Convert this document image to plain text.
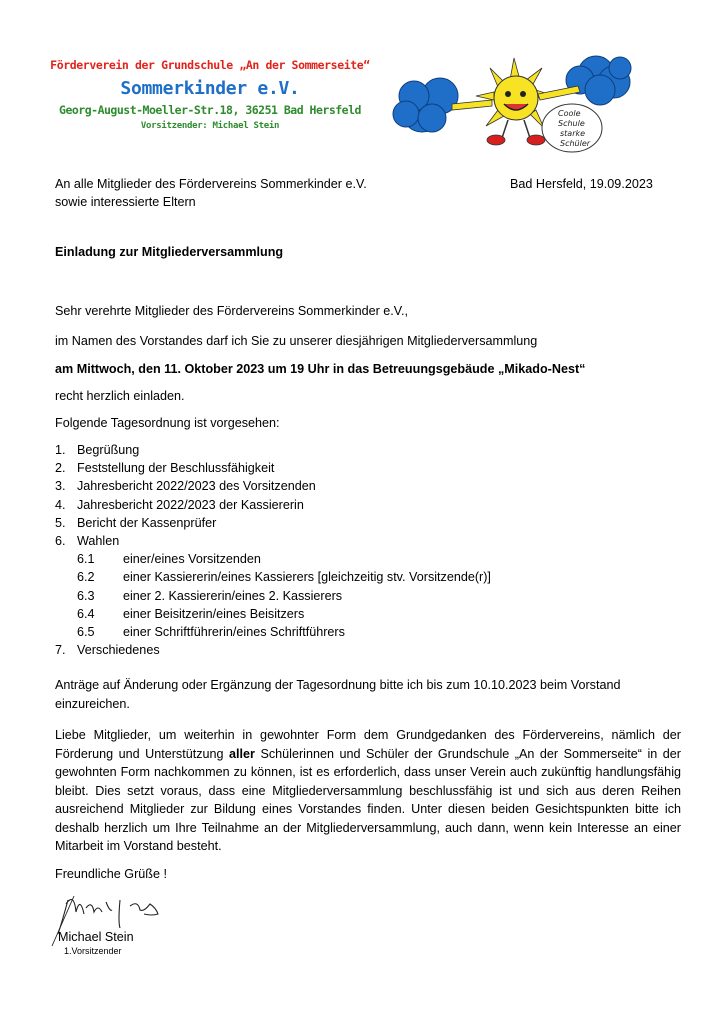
Förderverein der Grundschule „An der Sommerseite“
Sommerkinder e.V.
Georg-August-Moeller-Str.18, 36251 Bad Hersfeld
Vorsitzender: Michael Stein
Coole
Schule
starke
Schüler
An alle Mitglieder des Fördervereins Sommerkinder e.V.
sowie interessierte Eltern
Bad Hersfeld, 19.09.2023
Einladung zur Mitgliederversammlung
Sehr verehrte Mitglieder des Fördervereins Sommerkinder e.V.,
im Namen des Vorstandes darf ich Sie zu unserer diesjährigen Mitgliederversammlung
am Mittwoch, den 11. Oktober 2023 um 19 Uhr in das Betreuungsgebäude „Mikado-Nest“
recht herzlich einladen.
Folgende Tagesordnung ist vorgesehen:
1. Begrüßung
2. Feststellung der Beschlussfähigkeit
3. Jahresbericht 2022/2023 des Vorsitzenden
4. Jahresbericht 2022/2023 der Kassiererin
5. Bericht der Kassenprüfer
6. Wahlen
6.1 einer/eines Vorsitzenden
6.2 einer Kassiererin/eines Kassierers [gleichzeitig stv. Vorsitzende(r)]
6.3 einer 2. Kassiererin/eines 2. Kassierers
6.4 einer Beisitzerin/eines Beisitzers
6.5 einer Schriftführerin/eines Schriftführers
7. Verschiedenes
Anträge auf Änderung oder Ergänzung der Tagesordnung bitte ich bis zum 10.10.2023 beim Vorstand einzureichen.
Liebe Mitglieder, um weiterhin in gewohnter Form dem Grundgedanken des Fördervereins, nämlich der Förderung und Unterstützung aller Schülerinnen und Schüler der Grundschule „An der Sommerseite“ in der gewohnten Form nachkommen zu können, ist es erforderlich, dass unser Verein auch zukünftig handlungsfähig bleibt. Dies setzt voraus, dass eine Mitgliederversammlung beschlussfähig ist und sich aus deren Reihen ausreichend Mitglieder zur Bildung eines Vorstandes finden. Unter diesen beiden Gesichtspunkten bitte ich deshalb herzlich um Ihre Teilnahme an der Mitgliederversammlung, auch dann, wenn kein Interesse an einer Mitarbeit im Vorstand besteht.
Freundliche Grüße !
Michael Stein
1.Vorsitzender
